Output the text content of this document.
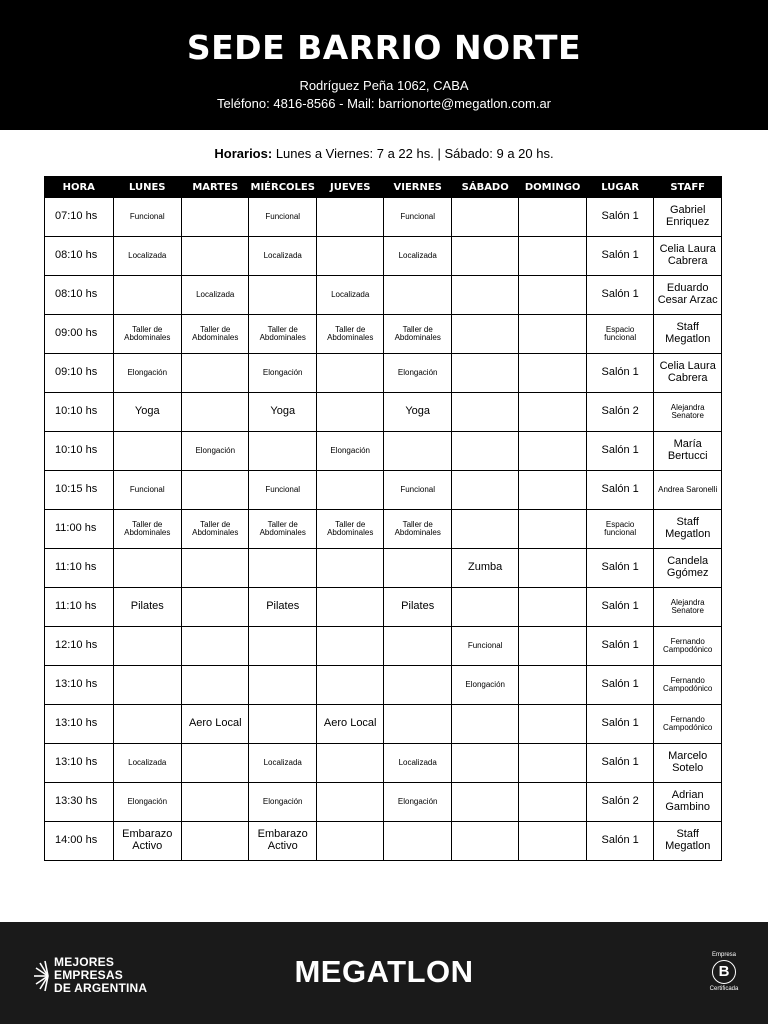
SEDE BARRIO NORTE
Rodríguez Peña 1062, CABA
Teléfono: 4816-8566 - Mail: barrionorte@megatlon.com.ar
Horarios: Lunes a Viernes: 7 a 22 hs. | Sábado: 9 a 20 hs.
HORA	LUNES	MARTES	MIÉRCOLES	JUEVES	VIERNES	SÁBADO	DOMINGO	LUGAR	STAFF
07:10 hs	Funcional		Funcional		Funcional			Salón 1	Gabriel Enriquez
08:10 hs	Localizada		Localizada		Localizada			Salón 1	Celia Laura Cabrera
08:10 hs		Localizada		Localizada				Salón 1	Eduardo Cesar Arzac
09:00 hs	Taller de Abdominales	Taller de Abdominales	Taller de Abdominales	Taller de Abdominales	Taller de Abdominales			Espacio funcional	Staff Megatlon
09:10 hs	Elongación		Elongación		Elongación			Salón 1	Celia Laura Cabrera
10:10 hs	Yoga		Yoga		Yoga			Salón 2	Alejandra Senatore
10:10 hs		Elongación		Elongación				Salón 1	María Bertucci
10:15 hs	Funcional		Funcional		Funcional			Salón 1	Andrea Saronelli
11:00 hs	Taller de Abdominales	Taller de Abdominales	Taller de Abdominales	Taller de Abdominales	Taller de Abdominales			Espacio funcional	Staff Megatlon
11:10 hs						Zumba		Salón 1	Candela Ggómez
11:10 hs	Pilates		Pilates		Pilates			Salón 1	Alejandra Senatore
12:10 hs						Funcional		Salón 1	Fernando Campodónico
13:10 hs						Elongación		Salón 1	Fernando Campodónico
13:10 hs		Aero Local		Aero Local				Salón 1	Fernando Campodónico
13:10 hs	Localizada		Localizada		Localizada			Salón 1	Marcelo Sotelo
13:30 hs	Elongación		Elongación		Elongación			Salón 2	Adrian Gambino
14:00 hs	Embarazo Activo		Embarazo Activo					Salón 1	Staff Megatlon
MEJORES
EMPRESAS
DE ARGENTINA	MEGATLON	Empresa
B
Certificada
